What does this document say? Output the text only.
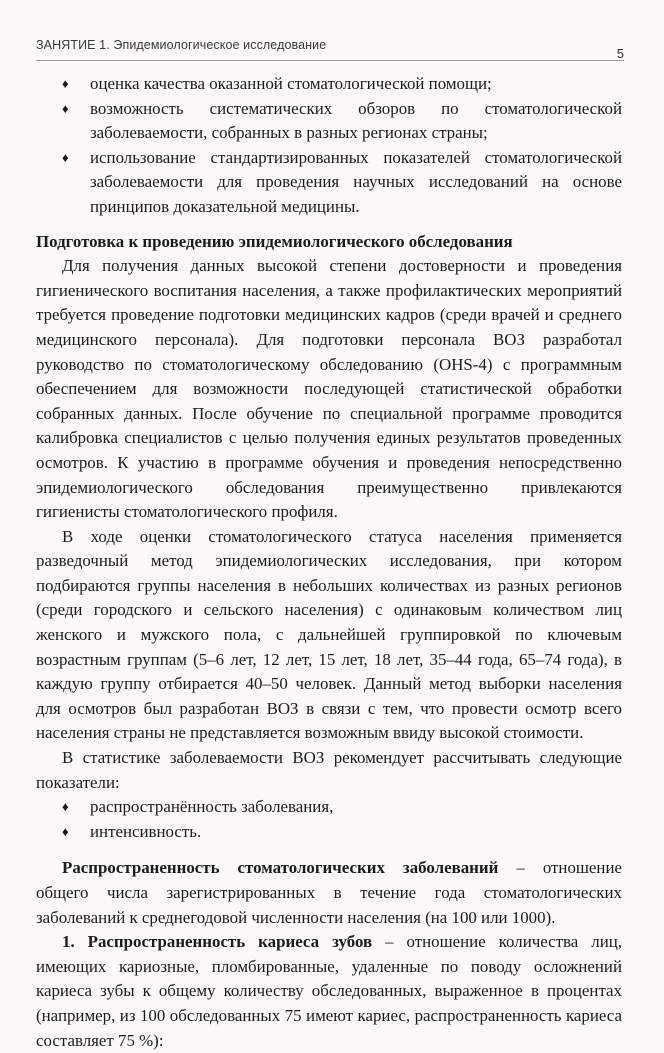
ЗАНЯТИЕ 1. Эпидемиологическое исследование
5
♦ оценка качества оказанной стоматологической помощи;
♦ возможность систематических обзоров по стоматологической заболеваемости, собранных в разных регионах страны;
♦ использование стандартизированных показателей стоматологической заболеваемости для проведения научных исследований на основе принципов доказательной медицины.

Подготовка к проведению эпидемиологического обследования

Для получения данных высокой степени достоверности и проведения гигиенического воспитания населения, а также профилактических мероприятий требуется проведение подготовки медицинских кадров (среди врачей и среднего медицинского персонала). Для подготовки персонала ВОЗ разработал руководство по стоматологическому обследованию (OHS-4) с программным обеспечением для возможности последующей статистической обработки собранных данных. После обучение по специальной программе проводится калибровка специалистов с целью получения единых результатов проведенных осмотров. К участию в программе обучения и проведения непосредственно эпидемиологического обследования преимущественно привлекаются гигиенисты стоматологического профиля.

В ходе оценки стоматологического статуса населения применяется разведочный метод эпидемиологических исследования, при котором подбираются группы населения в небольших количествах из разных регионов (среди городского и сельского населения) с одинаковым количеством лиц женского и мужского пола, с дальнейшей группировкой по ключевым возрастным группам (5–6 лет, 12 лет, 15 лет, 18 лет, 35–44 года, 65–74 года), в каждую группу отбирается 40–50 человек. Данный метод выборки населения для осмотров был разработан ВОЗ в связи с тем, что провести осмотр всего населения страны не представляется возможным ввиду высокой стоимости.

В статистике заболеваемости ВОЗ рекомендует рассчитывать следующие показатели:

♦ распространённость заболевания,
♦ интенсивность.

Распространенность стоматологических заболеваний – отношение общего числа зарегистрированных в течение года стоматологических заболеваний к среднегодовой численности населения (на 100 или 1000).

1. Распространенность кариеса зубов – отношение количества лиц, имеющих кариозные, пломбированные, удаленные по поводу осложнений кариеса зубы к общему количеству обследованных, выраженное в процентах (например, из 100 обследованных 75 имеют кариес, распространенность кариеса составляет 75 %):
